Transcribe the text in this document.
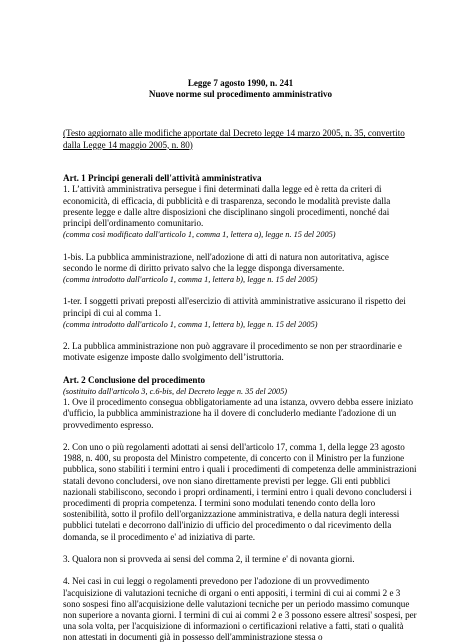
Legge 7 agosto 1990, n. 241

Nuove norme sul procedimento amministrativo

(Testo aggiornato alle modifiche apportate dal Decreto legge 14 marzo 2005, n. 35, convertito dalla Legge 14 maggio 2005, n. 80)

Art. 1 Principi generali dell'attività amministrativa

1. L’attività amministrativa persegue i fini determinati dalla legge ed è retta da criteri di economicità, di efficacia, di pubblicità e di trasparenza, secondo le modalità previste dalla presente legge e dalle altre disposizioni che disciplinano singoli procedimenti, nonché dai principi dell'ordinamento comunitario.

(comma così modificato dall'articolo 1, comma 1, lettera a), legge n. 15 del 2005)

1-bis. La pubblica amministrazione, nell'adozione di atti di natura non autoritativa, agisce secondo le norme di diritto privato salvo che la legge disponga diversamente.

(comma introdotto dall'articolo 1, comma 1, lettera b), legge n. 15 del 2005)

1-ter. I soggetti privati preposti all'esercizio di attività amministrative assicurano il rispetto dei principi di cui al comma 1.

(comma introdotto dall'articolo 1, comma 1, lettera b), legge n. 15 del 2005)

2. La pubblica amministrazione non può aggravare il procedimento se non per straordinarie e motivate esigenze imposte dallo svolgimento dell’istruttoria.

Art. 2 Conclusione del procedimento

(sostituito dall'articolo 3, c.6-bis, del Decreto legge n. 35 del 2005)

1. Ove il procedimento consegua obbligatoriamente ad una istanza, ovvero debba essere iniziato d'ufficio, la pubblica amministrazione ha il dovere di concluderlo mediante l'adozione di un provvedimento espresso.

2. Con uno o più regolamenti adottati ai sensi dell'articolo 17, comma 1, della legge 23 agosto 1988, n. 400, su proposta del Ministro competente, di concerto con il Ministro per la funzione pubblica, sono stabiliti i termini entro i quali i procedimenti di competenza delle amministrazioni statali devono concludersi, ove non siano direttamente previsti per legge. Gli enti pubblici nazionali stabiliscono, secondo i propri ordinamenti, i termini entro i quali devono concludersi i procedimenti di propria competenza. I termini sono modulati tenendo conto della loro sostenibilità, sotto il profilo dell'organizzazione amministrativa, e della natura degli interessi pubblici tutelati e decorrono dall'inizio di ufficio del procedimento o dal ricevimento della domanda, se il procedimento e' ad iniziativa di parte.

3. Qualora non si provveda ai sensi del comma 2, il termine e' di novanta giorni.

4. Nei casi in cui leggi o regolamenti prevedono per l'adozione di un provvedimento l'acquisizione di valutazioni tecniche di organi o enti appositi, i termini di cui ai commi 2 e 3 sono sospesi fino all'acquisizione delle valutazioni tecniche per un periodo massimo comunque non superiore a novanta giorni. I termini di cui ai commi 2 e 3 possono essere altresi' sospesi, per una sola volta, per l'acquisizione di informazioni o certificazioni relative a fatti, stati o qualità non attestati in documenti già in possesso dell'amministrazione stessa o
